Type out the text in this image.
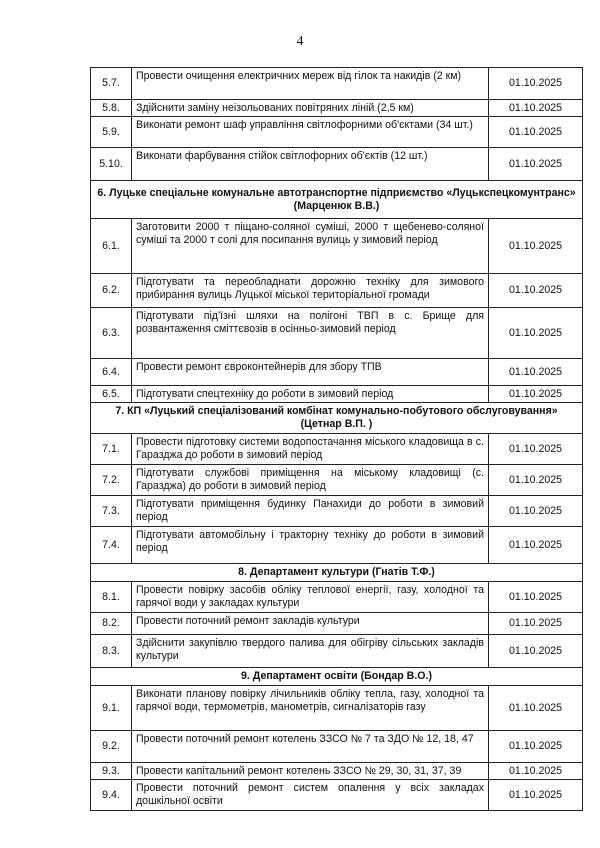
4
5.7.	Провести очищення електричних мереж від гілок та накидів (2 км)	01.10.2025
5.8.	Здійснити заміну неізольованих повітряних ліній (2,5 км)	01.10.2025
5.9.	Виконати ремонт шаф управління світлофорними об'єктами (34 шт.)	01.10.2025
5.10.	Виконати фарбування стійок світлофорних об'єктів (12 шт.)	01.10.2025
6. Луцьке спеціальне комунальне автотранспортне підприємство «Луцькспецкомунтранс» (Марценюк В.В.)		
6.1.	Заготовити 2000 т піщано-соляної суміші, 2000 т щебенево-соляної суміші та 2000 т солі для посипання вулиць у зимовий період	01.10.2025
6.2.	Підготувати та переобладнати дорожню техніку для зимового прибирання вулиць Луцької міської територіальної громади	01.10.2025
6.3.	Підготувати під'їзні шляхи на полігоні ТВП в с. Брище для розвантаження сміттєвозів в осінньо-зимовий період	01.10.2025
6.4.	Провести ремонт євроконтейнерів для збору ТПВ	01.10.2025
6.5.	Підготувати спецтехніку до роботи в зимовий період	01.10.2025
7. КП «Луцький спеціалізований комбінат комунально-побутового обслуговування» (Цетнар В.П. )		
7.1.	Провести підготовку системи водопостачання міського кладовища в с. Гаразджа до роботи в зимовий період	01.10.2025
7.2.	Підготувати службові приміщення на міському кладовищі (с. Гаразджа) до роботи в зимовий період	01.10.2025
7.3.	Підготувати приміщення будинку Панахиди до роботи в зимовий період	01.10.2025
7.4.	Підготувати автомобільну і тракторну техніку до роботи в зимовий період	01.10.2025
8. Департамент культури (Гнатів Т.Ф.)		
8.1.	Провести повірку засобів обліку теплової енергії, газу, холодної та гарячої води у закладах культури	01.10.2025
8.2.	Провести поточний ремонт закладів культури	01.10.2025
8.3.	Здійснити закупівлю твердого палива для обігріву сільських закладів культури	01.10.2025
9. Департамент освіти (Бондар В.О.)		
9.1.	Виконати планову повірку лічильників обліку тепла, газу, холодної та гарячої води, термометрів, манометрів, сигналізаторів газу	01.10.2025
9.2.	Провести поточний ремонт котелень ЗЗСО № 7 та ЗДО № 12, 18, 47	01.10.2025
9.3.	Провести капітальний ремонт котелень ЗЗСО № 29, 30, 31, 37, 39	01.10.2025
9.4.	Провести поточний ремонт систем опалення у всіх закладах дошкільної освіти	01.10.2025
